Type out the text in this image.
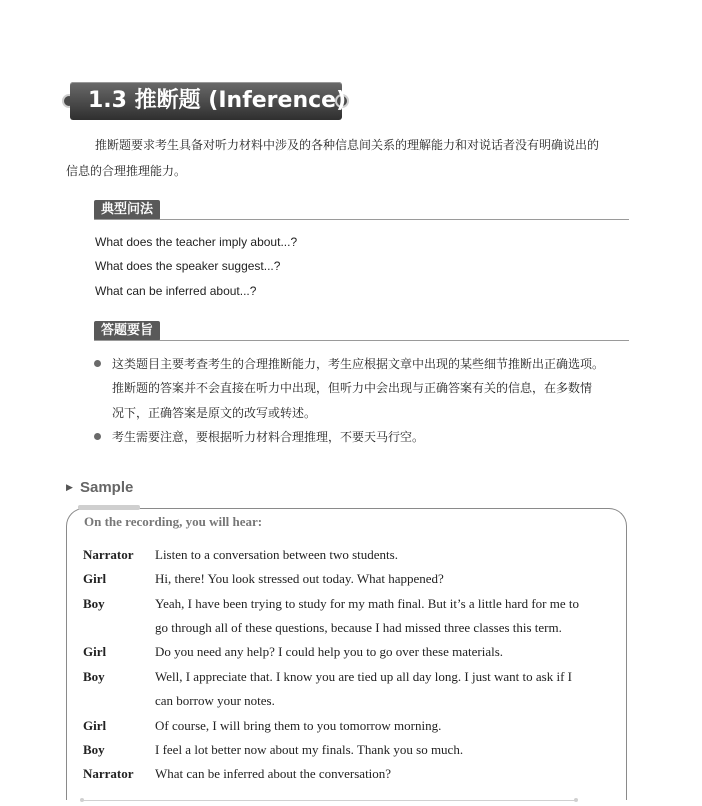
1.3 推断题 (Inference)
推断题要求考生具备对听力材料中涉及的各种信息间关系的理解能力和对说话者没有明确说出的
信息的合理推理能力。
典型问法
What does the teacher imply about...?
What does the speaker suggest...?
What can be inferred about...?
答题要旨
这类题目主要考查考生的合理推断能力，考生应根据文章中出现的某些细节推断出正确选项。
推断题的答案并不会直接在听力中出现，但听力中会出现与正确答案有关的信息，在多数情
况下，正确答案是原文的改写或转述。
考生需要注意，要根据听力材料合理推理，不要天马行空。
▶ Sample
On the recording, you will hear:
Narrator Listen to a conversation between two students.
Girl	Hi, there! You look stressed out today. What happened?
Boy	Yeah, I have been trying to study for my math final. But it’s a little hard for me to
go through all of these questions, because I had missed three classes this term.
Girl	Do you need any help? I could help you to go over these materials.
Boy	Well, I appreciate that. I know you are tied up all day long. I just want to ask if I
can borrow your notes.
Girl	Of course, I will bring them to you tomorrow morning.
Boy	I feel a lot better now about my finals. Thank you so much.
Narrator What can be inferred about the conversation?
